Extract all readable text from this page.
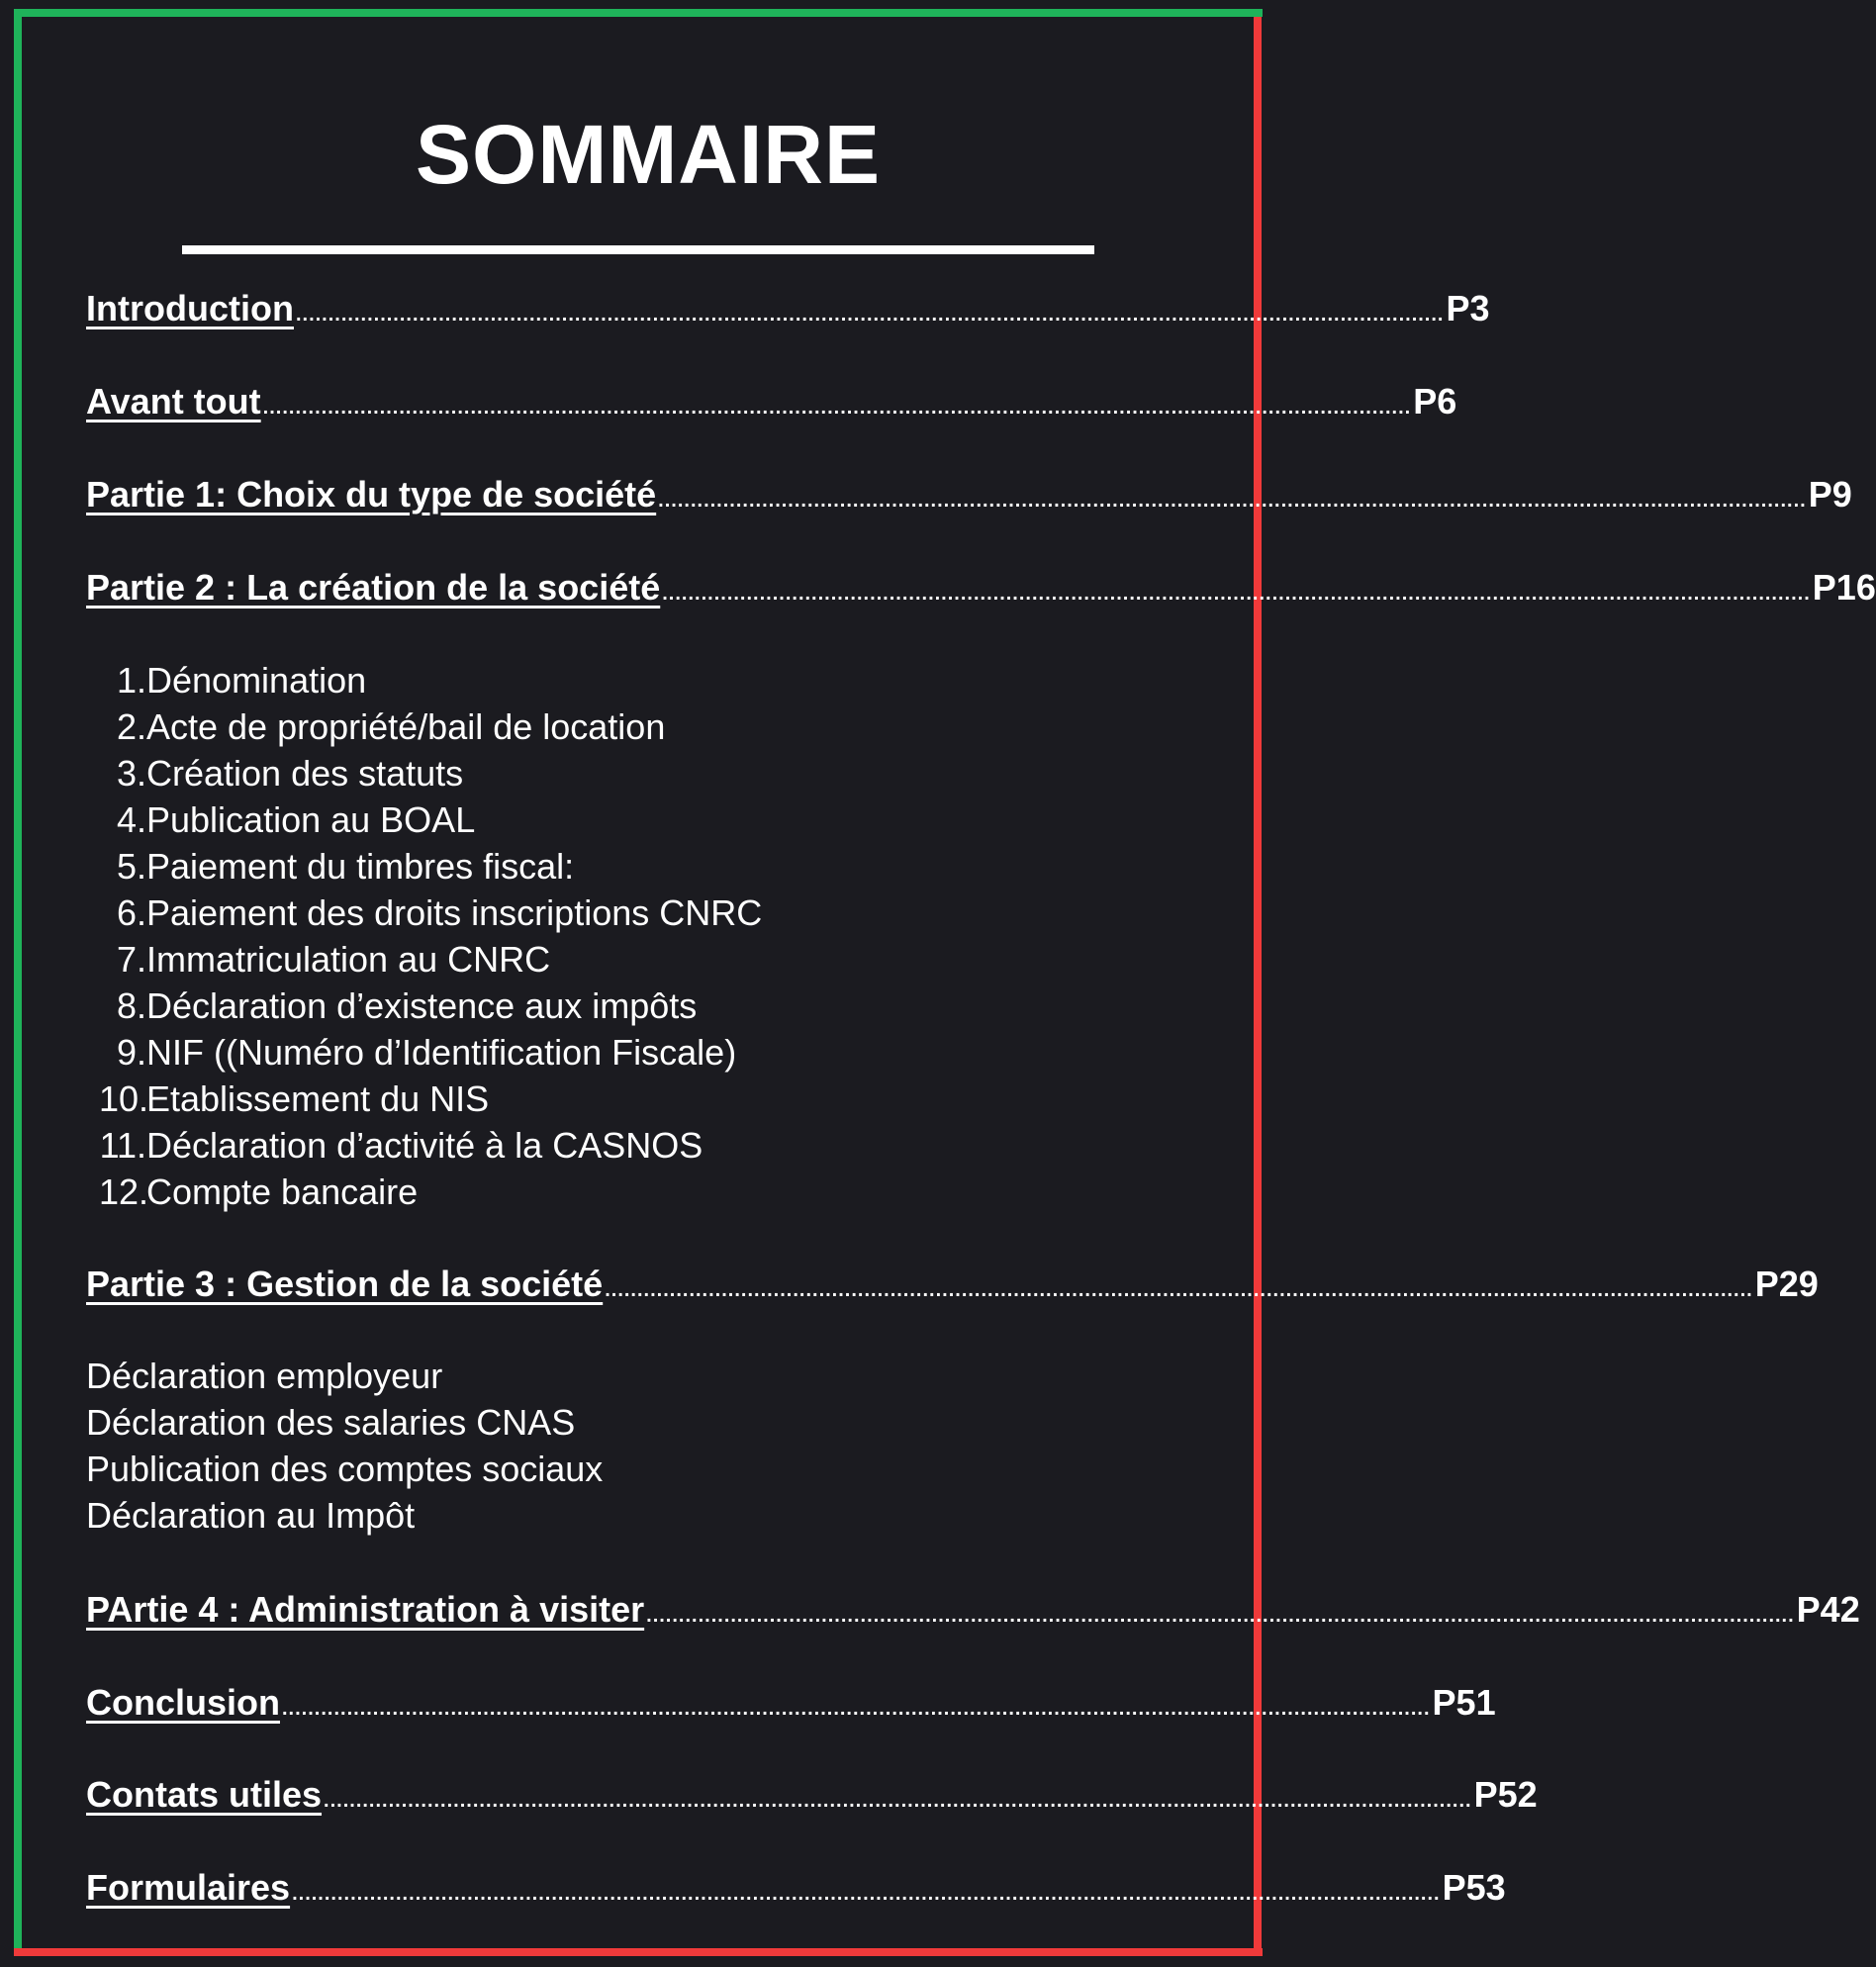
SOMMAIRE
Introduction ................................................................................................................................................................................. P3
Avant tout ................................................................................................................................................................................. P6
Partie 1: Choix du type de société ................................................................................................................................................................................. P9
Partie 2 : La création de la société ................................................................................................................................................................................. P16
1. Dénomination
2. Acte de propriété/bail de location
3. Création des statuts
4. Publication au BOAL
5. Paiement du timbres fiscal:
6. Paiement des droits inscriptions CNRC
7. Immatriculation au CNRC
8. Déclaration d’existence aux impôts
9. NIF ((Numéro d’Identification Fiscale)
10.
Etablissement du NIS
11. Déclaration d’activité à la CASNOS
12.
Compte bancaire
Partie 3 : Gestion de la société ................................................................................................................................................................................. P29
Déclaration employeur
Déclaration des salaries CNAS
Publication des comptes sociaux
Déclaration au Impôt
PArtie 4 : Administration à visiter ................................................................................................................................................................................. P42
Conclusion ................................................................................................................................................................................. P51
Contats utiles ................................................................................................................................................................................. P52
Formulaires ................................................................................................................................................................................. P53
